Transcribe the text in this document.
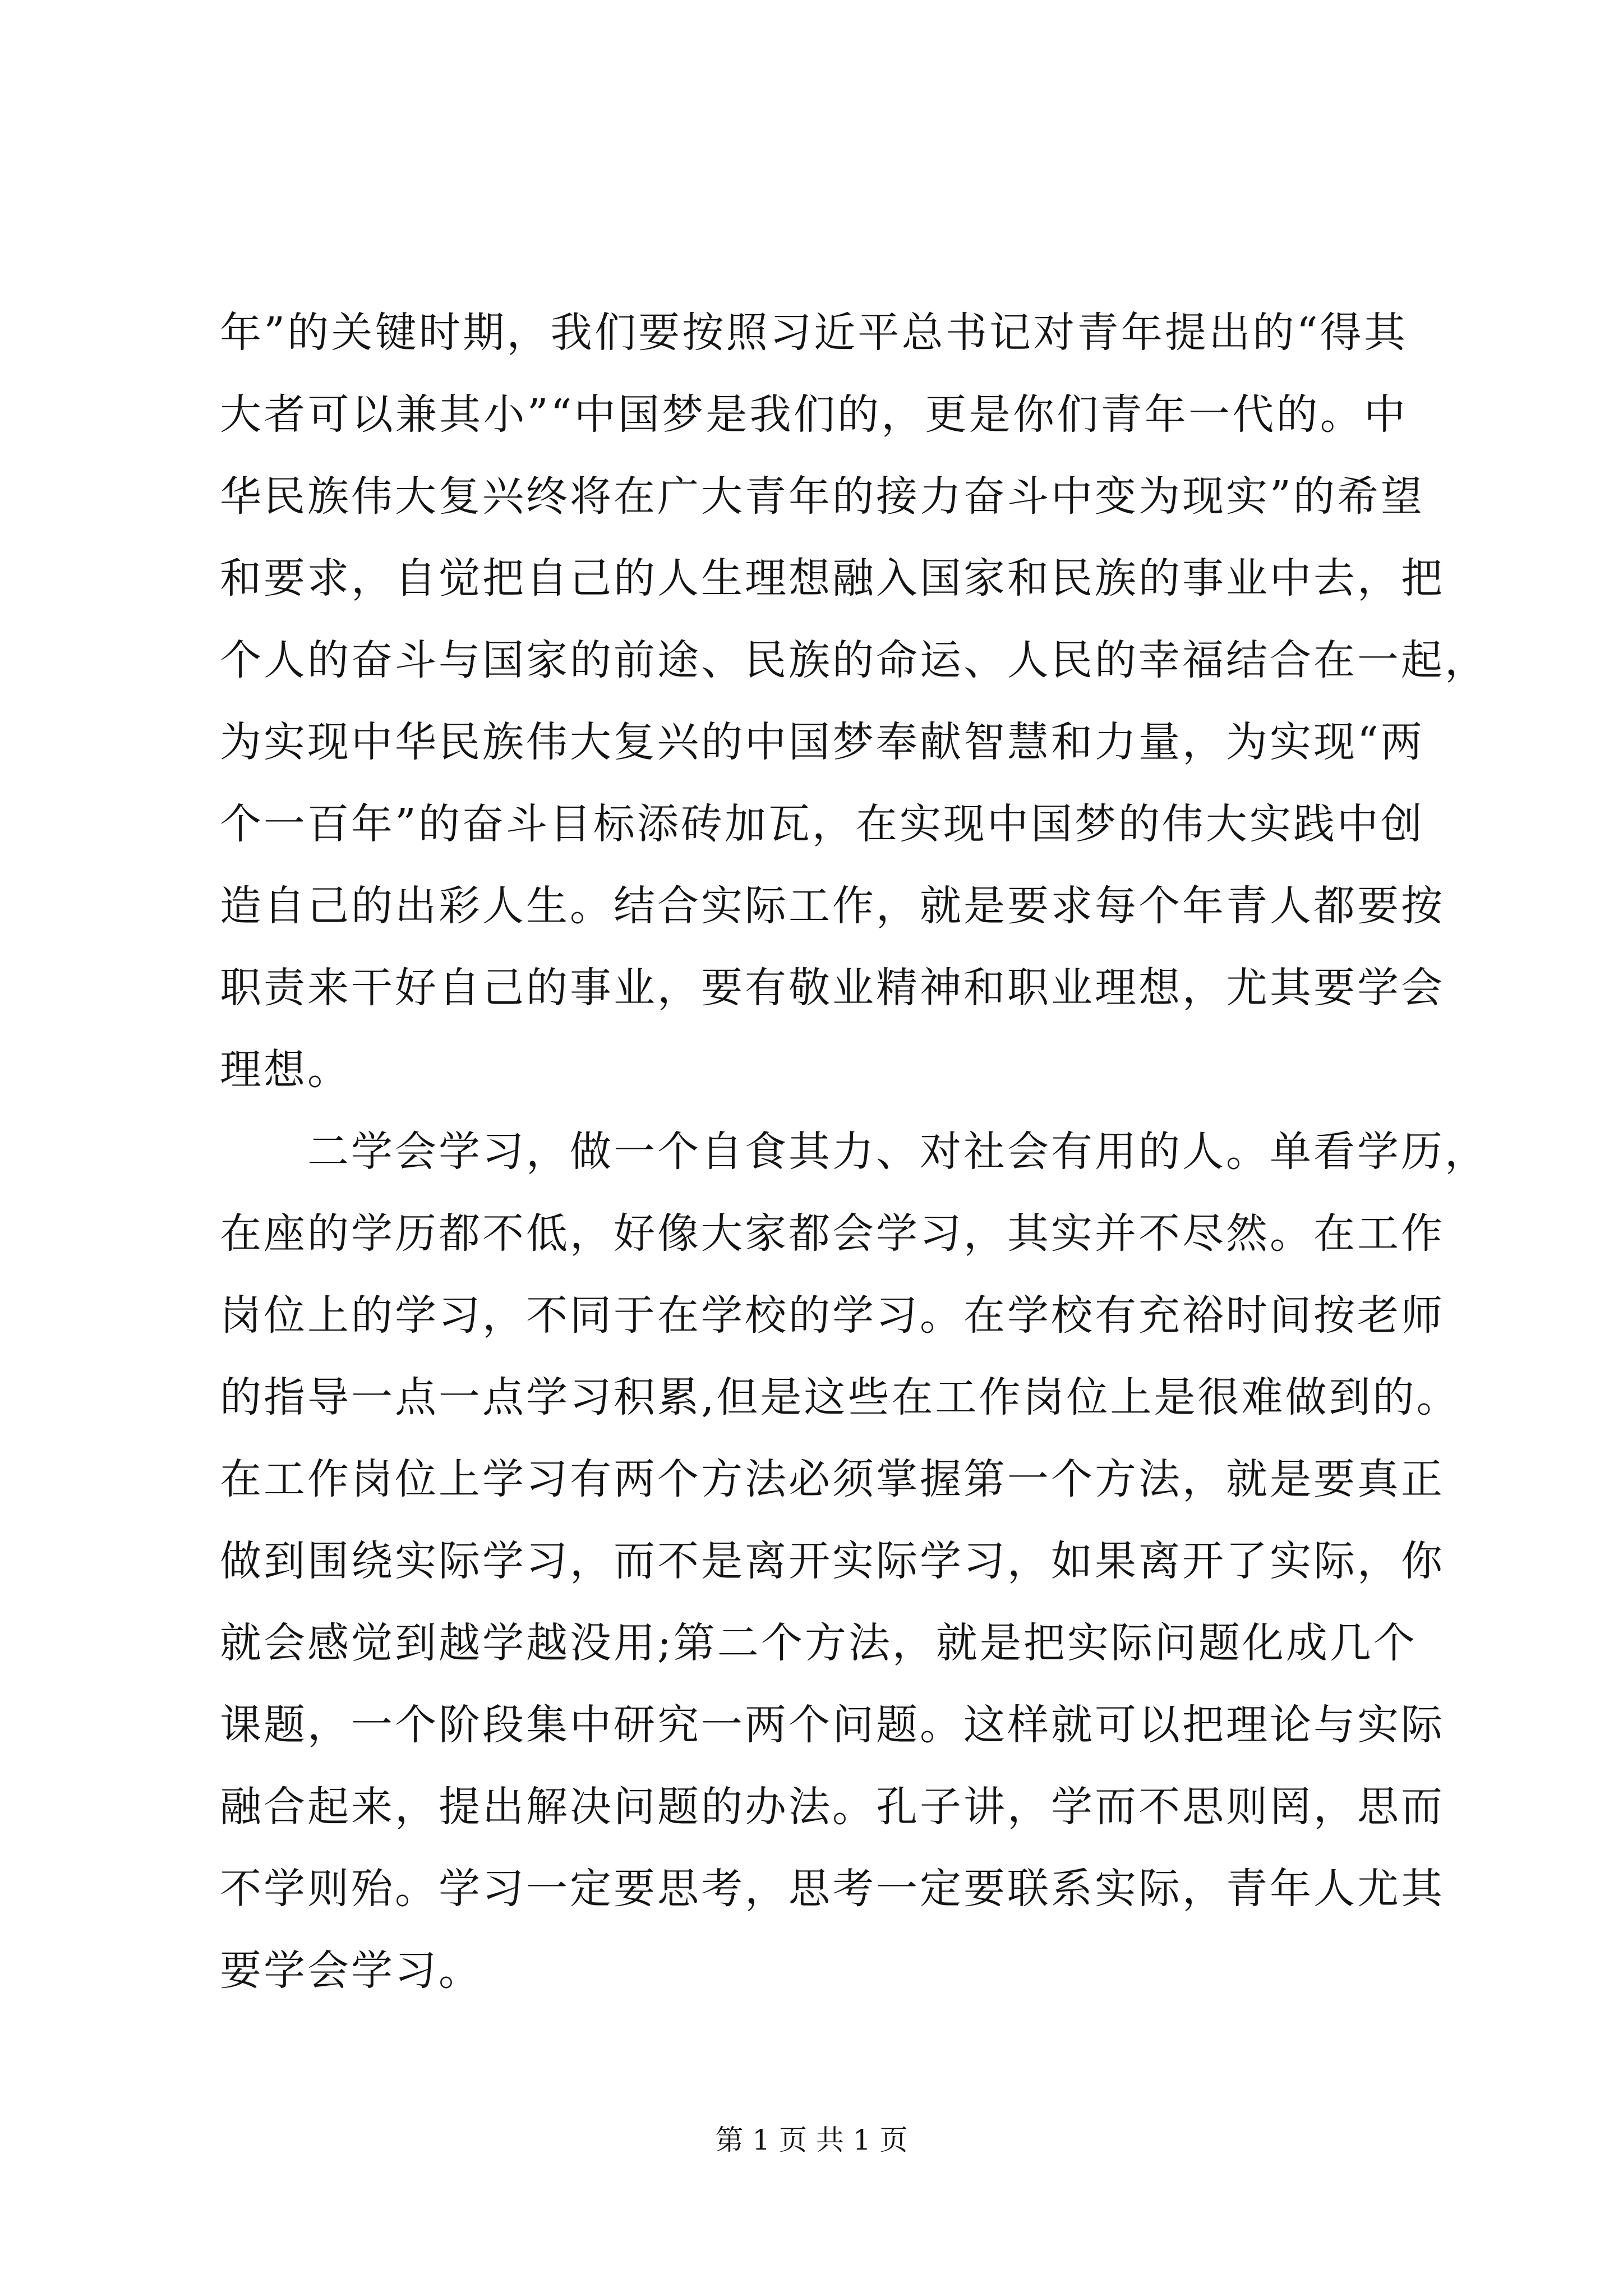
年”的关键时期，我们要按照习近平总书记对青年提出的“得其
大者可以兼其小”“中国梦是我们的，更是你们青年一代的。中
华民族伟大复兴终将在广大青年的接力奋斗中变为现实”的希望
和要求，自觉把自己的人生理想融入国家和民族的事业中去，把
个人的奋斗与国家的前途、民族的命运、人民的幸福结合在一起，
为实现中华民族伟大复兴的中国梦奉献智慧和力量，为实现“两
个一百年”的奋斗目标添砖加瓦，在实现中国梦的伟大实践中创
造自己的出彩人生。结合实际工作，就是要求每个年青人都要按
职责来干好自己的事业，要有敬业精神和职业理想，尤其要学会
理想。
　　二学会学习，做一个自食其力、对社会有用的人。单看学历，
在座的学历都不低，好像大家都会学习，其实并不尽然。在工作
岗位上的学习，不同于在学校的学习。在学校有充裕时间按老师
的指导一点一点学习积累,但是这些在工作岗位上是很难做到的。
在工作岗位上学习有两个方法必须掌握第一个方法，就是要真正
做到围绕实际学习，而不是离开实际学习，如果离开了实际，你
就会感觉到越学越没用;第二个方法，就是把实际问题化成几个
课题，一个阶段集中研究一两个问题。这样就可以把理论与实际
融合起来，提出解决问题的办法。孔子讲，学而不思则罔，思而
不学则殆。学习一定要思考，思考一定要联系实际，青年人尤其
要学会学习。
第 1 页 共 1 页
